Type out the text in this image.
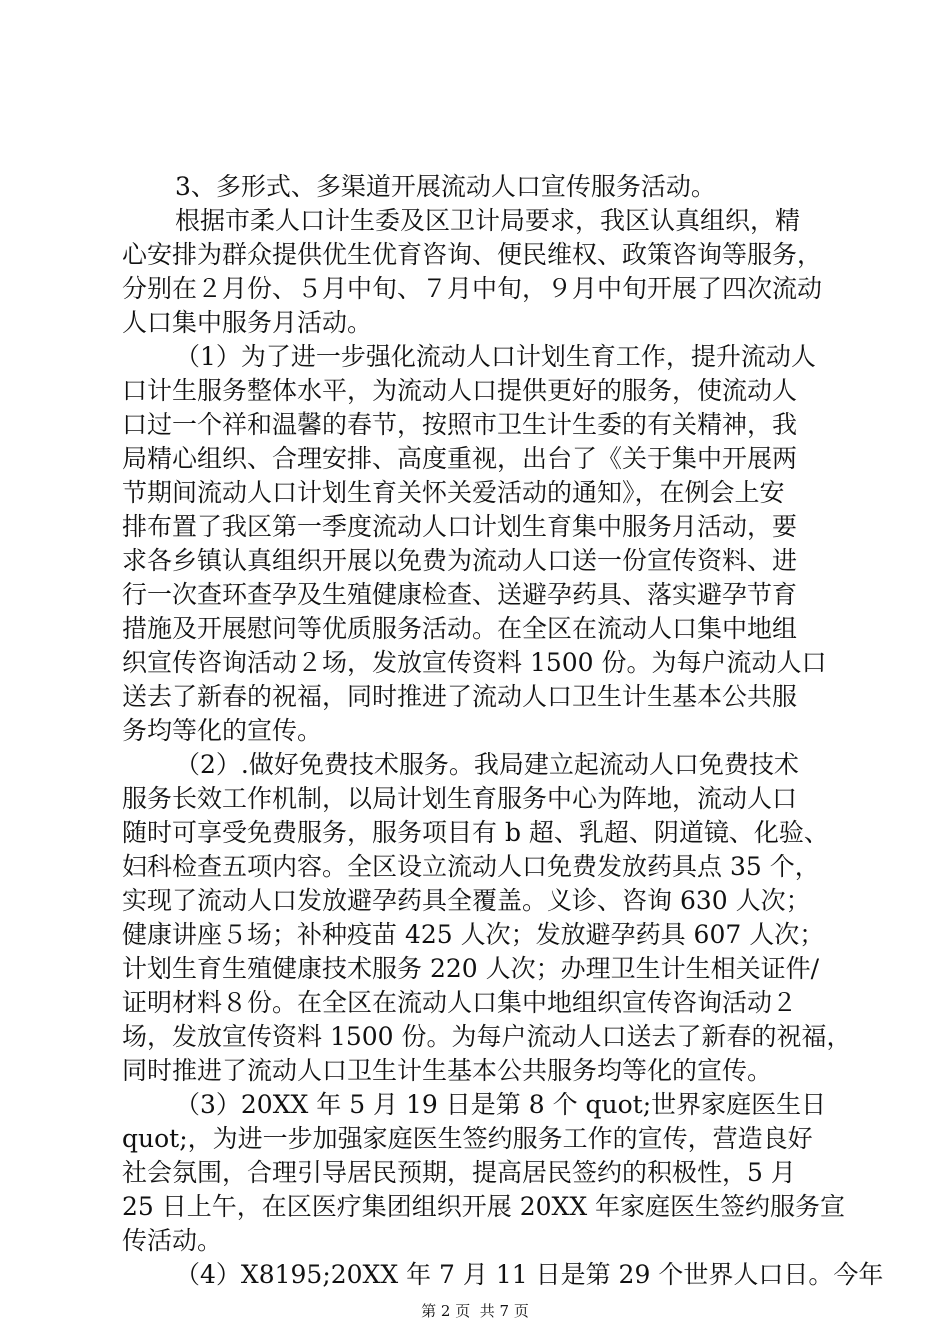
3、多形式、多渠道开展流动人口宣传服务活动。
根据市柔人口计生委及区卫计局要求，我区认真组织，精
心安排为群众提供优生优育咨询、便民维权、政策咨询等服务，
分别在２月份、５月中旬、７月中旬，９月中旬开展了四次流动
人口集中服务月活动。
（1）为了进一步强化流动人口计划生育工作，提升流动人
口计生服务整体水平，为流动人口提供更好的服务，使流动人
口过一个祥和温馨的春节，按照市卫生计生委的有关精神，我
局精心组织、合理安排、高度重视，出台了《关于集中开展两
节期间流动人口计划生育关怀关爱活动的通知》，在例会上安
排布置了我区第一季度流动人口计划生育集中服务月活动，要
求各乡镇认真组织开展以免费为流动人口送一份宣传资料、进
行一次查环查孕及生殖健康检查、送避孕药具、落实避孕节育
措施及开展慰问等优质服务活动。在全区在流动人口集中地组
织宣传咨询活动２场，发放宣传资料 1500 份。为每户流动人口
送去了新春的祝福，同时推进了流动人口卫生计生基本公共服
务均等化的宣传。
（2）.做好免费技术服务。我局建立起流动人口免费技术
服务长效工作机制，以局计划生育服务中心为阵地，流动人口
随时可享受免费服务，服务项目有 b 超、乳超、阴道镜、化验、
妇科检查五项内容。全区设立流动人口免费发放药具点 35 个，
实现了流动人口发放避孕药具全覆盖。义诊、咨询 630 人次；
健康讲座５场；补种疫苗 425 人次；发放避孕药具 607 人次；
计划生育生殖健康技术服务 220 人次；办理卫生计生相关证件/
证明材料８份。在全区在流动人口集中地组织宣传咨询活动２
场，发放宣传资料 1500 份。为每户流动人口送去了新春的祝福，
同时推进了流动人口卫生计生基本公共服务均等化的宣传。
（3）20XX 年 5 月 19 日是第 8 个 quot;世界家庭医生日
quot;，为进一步加强家庭医生签约服务工作的宣传，营造良好
社会氛围，合理引导居民预期，提高居民签约的积极性，5 月
25 日上午，在区医疗集团组织开展 20XX 年家庭医生签约服务宣
传活动。
（4）X8195;20XX 年 7 月 11 日是第 29 个世界人口日。今年
第 2 页  共 7 页
